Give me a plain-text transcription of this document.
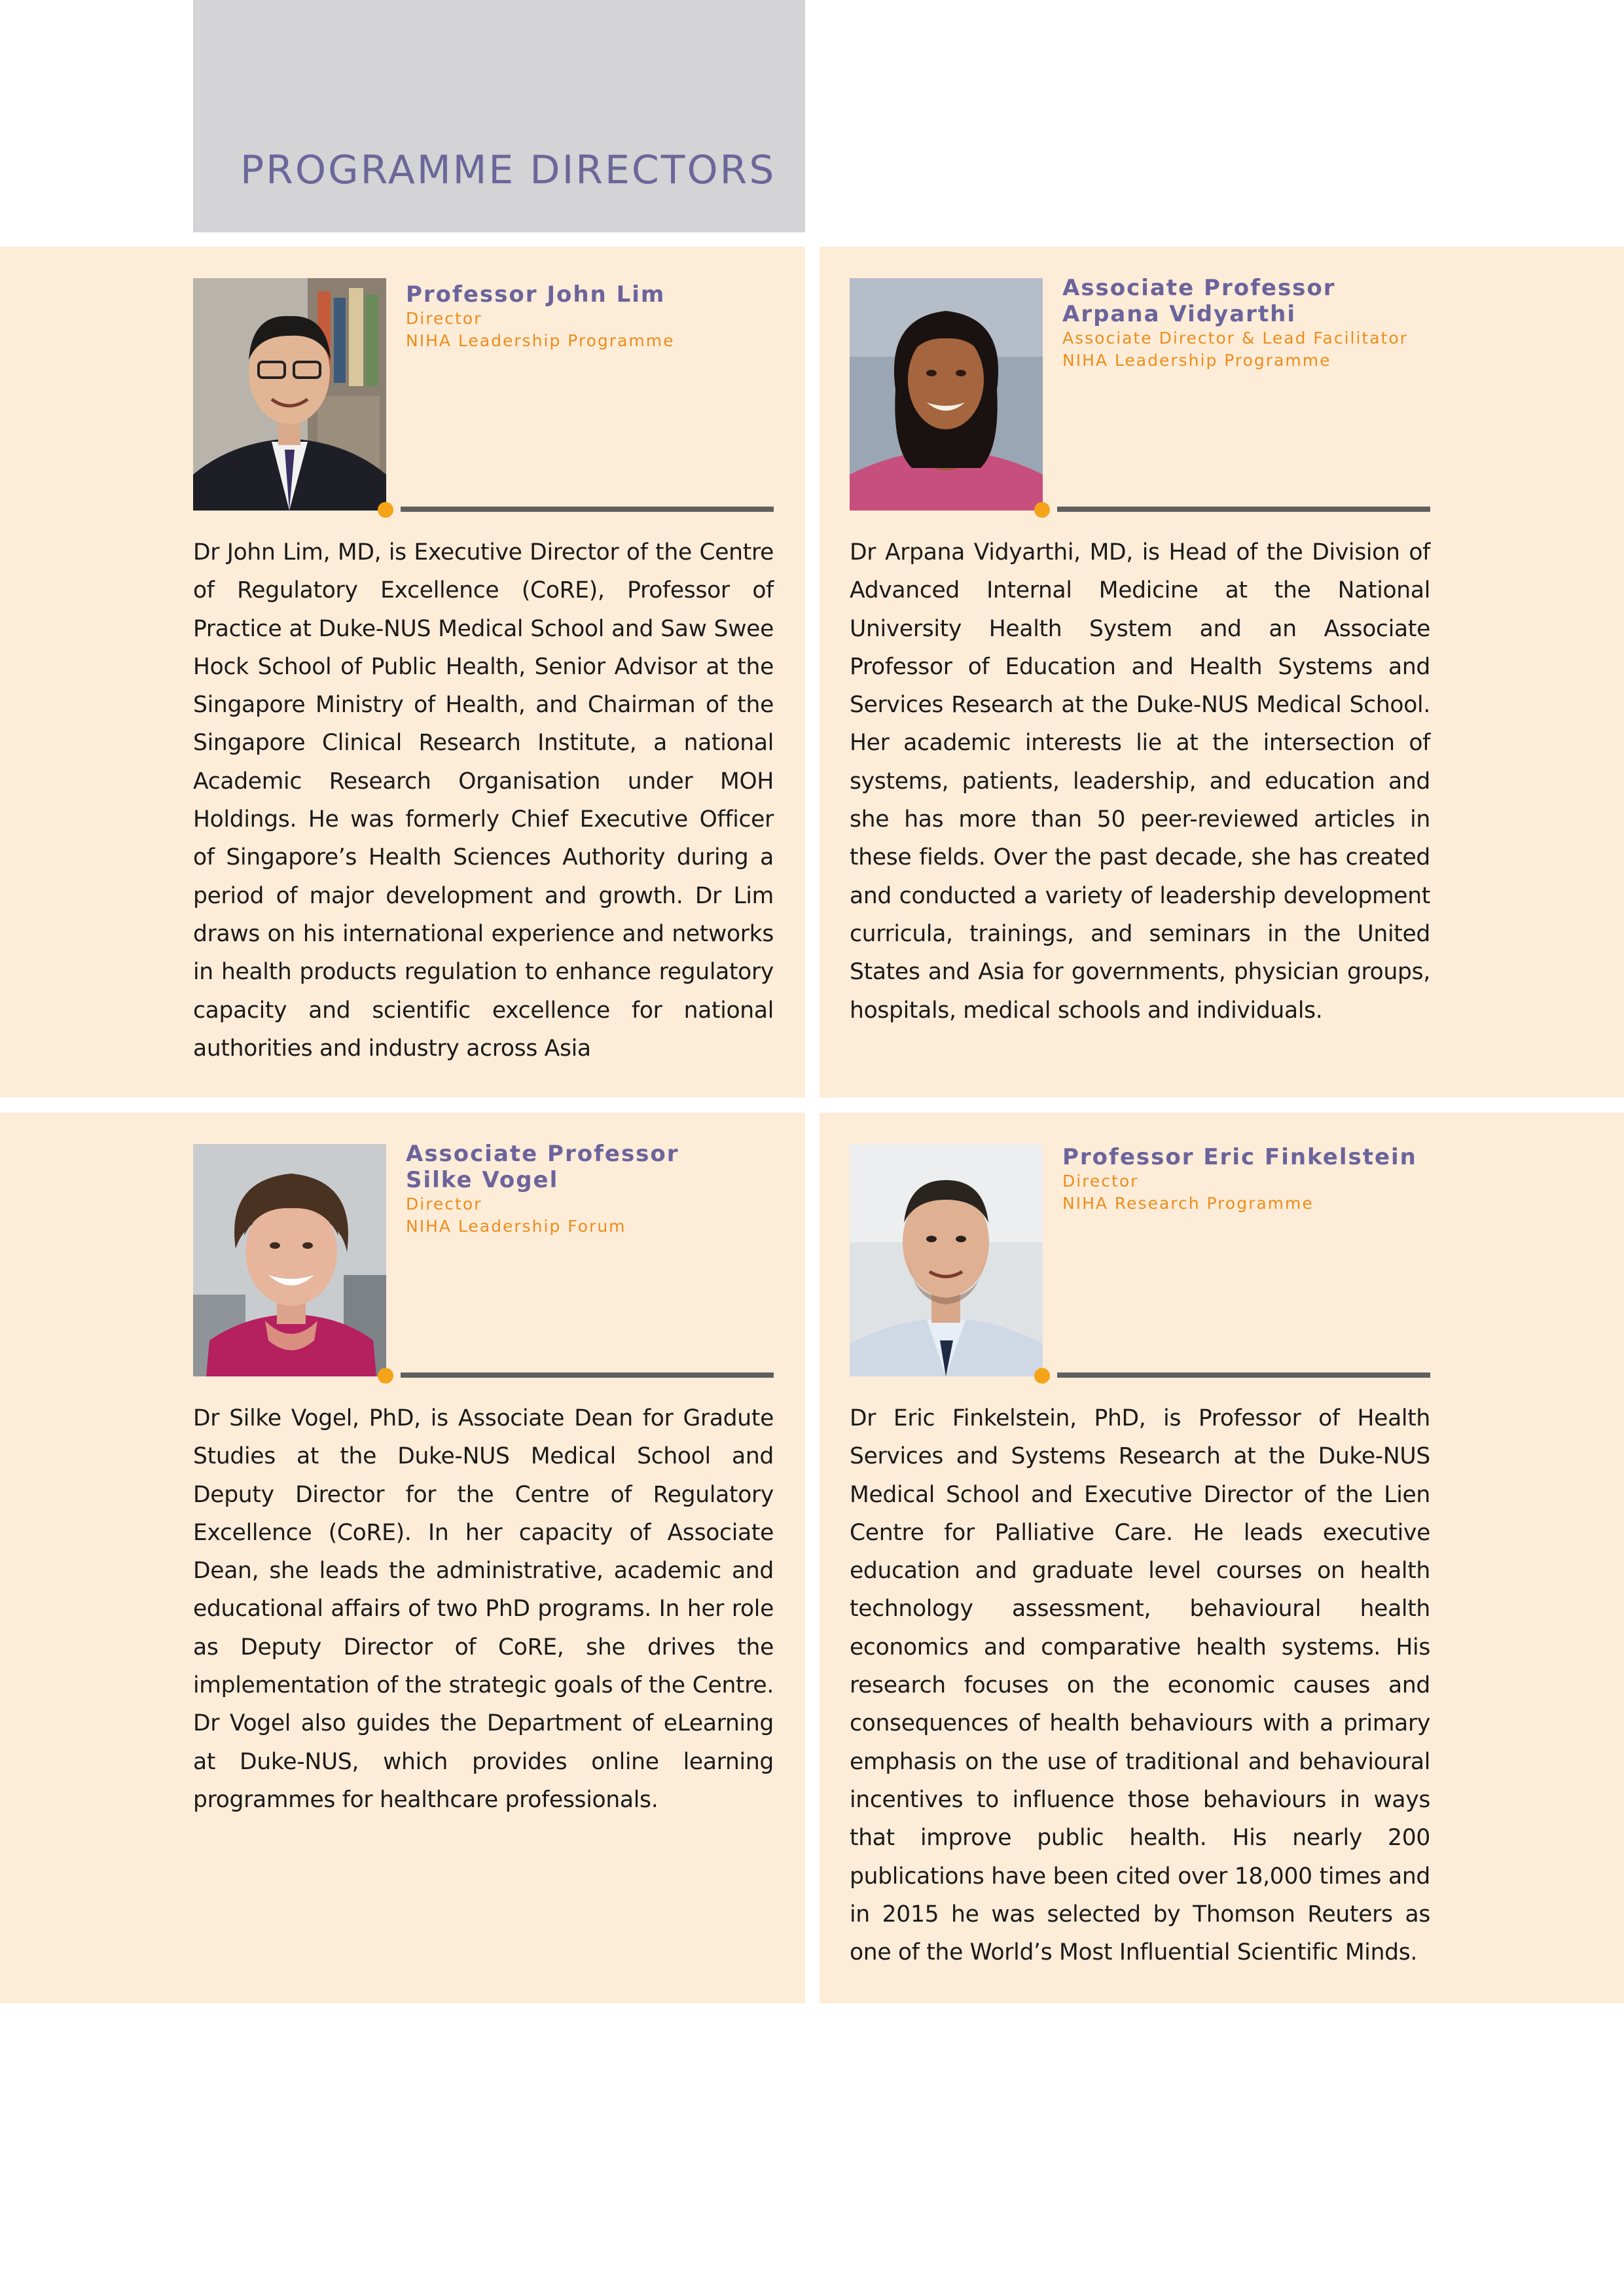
PROGRAMME DIRECTORS
Professor John Lim
Director
NIHA Leadership Programme

Dr John Lim, MD, is Executive Director of the Centre of Regulatory Excellence (CoRE), Professor of Practice at Duke-NUS Medical School and Saw Swee Hock School of Public Health, Senior Advisor at the Singapore Ministry of Health, and Chairman of the Singapore Clinical Research Institute, a national Academic Research Organisation under MOH Holdings. He was formerly Chief Executive Officer of Singapore’s Health Sciences Authority during a period of major development and growth. Dr Lim draws on his international experience and networks in health products regulation to enhance regulatory capacity and scientific excellence for national authorities and industry across Asia

Associate Professor
Arpana Vidyarthi
Associate Director & Lead Facilitator
NIHA Leadership Programme

Dr Arpana Vidyarthi, MD, is Head of the Division of Advanced Internal Medicine at the National University Health System and an Associate Professor of Education and Health Systems and Services Research at the Duke-NUS Medical School. Her academic interests lie at the intersection of systems, patients, leadership, and education and she has more than 50 peer-reviewed articles in these fields. Over the past decade, she has created and conducted a variety of leadership development curricula, trainings, and seminars in the United States and Asia for governments, physician groups, hospitals, medical schools and individuals.

Associate Professor
Silke Vogel
Director
NIHA Leadership Forum

Dr Silke Vogel, PhD, is Associate Dean for Gradute Studies at the Duke-NUS Medical School and Deputy Director for the Centre of Regulatory Excellence (CoRE). In her capacity of Associate Dean, she leads the administrative, academic and educational affairs of two PhD programs. In her role as Deputy Director of CoRE, she drives the implementation of the strategic goals of the Centre. Dr Vogel also guides the Department of eLearning at Duke-NUS, which provides online learning programmes for healthcare professionals.

Professor Eric Finkelstein
Director
NIHA Research Programme

Dr Eric Finkelstein, PhD, is Professor of Health Services and Systems Research at the Duke-NUS Medical School and Executive Director of the Lien Centre for Palliative Care. He leads executive education and graduate level courses on health technology assessment, behavioural health economics and comparative health systems. His research focuses on the economic causes and consequences of health behaviours with a primary emphasis on the use of traditional and behavioural incentives to influence those behaviours in ways that improve public health. His nearly 200 publications have been cited over 18,000 times and in 2015 he was selected by Thomson Reuters as one of the World’s Most Influential Scientific Minds.
